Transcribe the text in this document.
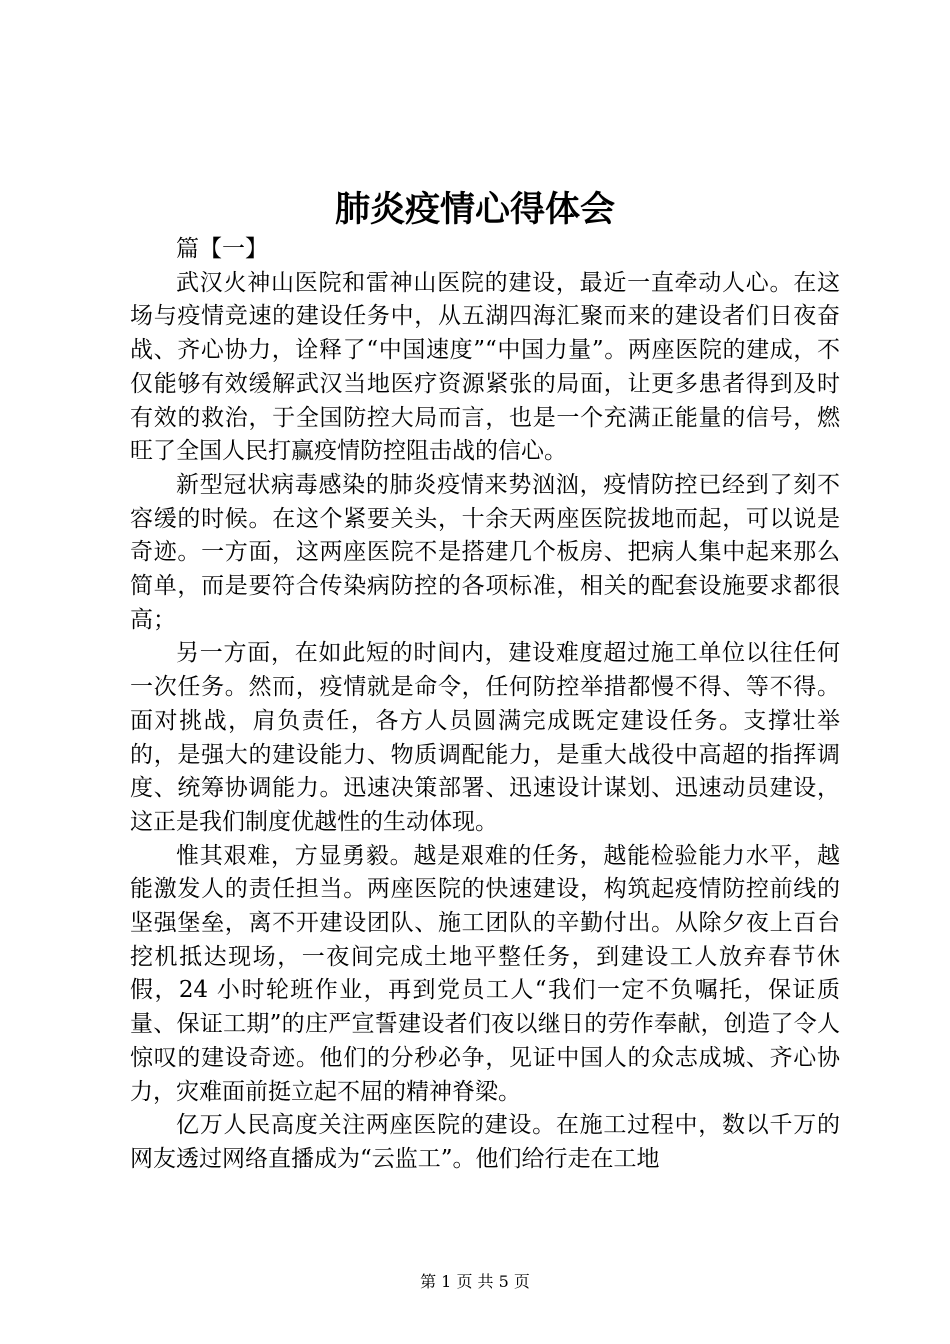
肺炎疫情心得体会

篇【一】

武汉火神山医院和雷神山医院的建设，最近一直牵动人心。在这场与疫情竞速的建设任务中，从五湖四海汇聚而来的建设者们日夜奋战、齐心协力，诠释了“中国速度”“中国力量”。两座医院的建成，不仅能够有效缓解武汉当地医疗资源紧张的局面，让更多患者得到及时有效的救治，于全国防控大局而言，也是一个充满正能量的信号，燃旺了全国人民打赢疫情防控阻击战的信心。

新型冠状病毒感染的肺炎疫情来势汹汹，疫情防控已经到了刻不容缓的时候。在这个紧要关头，十余天两座医院拔地而起，可以说是奇迹。一方面，这两座医院不是搭建几个板房、把病人集中起来那么简单，而是要符合传染病防控的各项标准，相关的配套设施要求都很高；

另一方面，在如此短的时间内，建设难度超过施工单位以往任何一次任务。然而，疫情就是命令，任何防控举措都慢不得、等不得。面对挑战，肩负责任，各方人员圆满完成既定建设任务。支撑壮举的，是强大的建设能力、物质调配能力，是重大战役中高超的指挥调度、统筹协调能力。迅速决策部署、迅速设计谋划、迅速动员建设，这正是我们制度优越性的生动体现。

惟其艰难，方显勇毅。越是艰难的任务，越能检验能力水平，越能激发人的责任担当。两座医院的快速建设，构筑起疫情防控前线的坚强堡垒，离不开建设团队、施工团队的辛勤付出。从除夕夜上百台挖机抵达现场，一夜间完成土地平整任务，到建设工人放弃春节休假，24 小时轮班作业，再到党员工人“我们一定不负嘱托，保证质量、保证工期”的庄严宣誓建设者们夜以继日的劳作奉献，创造了令人惊叹的建设奇迹。他们的分秒必争，见证中国人的众志成城、齐心协力，灾难面前挺立起不屈的精神脊梁。

亿万人民高度关注两座医院的建设。在施工过程中，数以千万的网友透过网络直播成为“云监工”。他们给行走在工地

第 1 页 共 5 页
